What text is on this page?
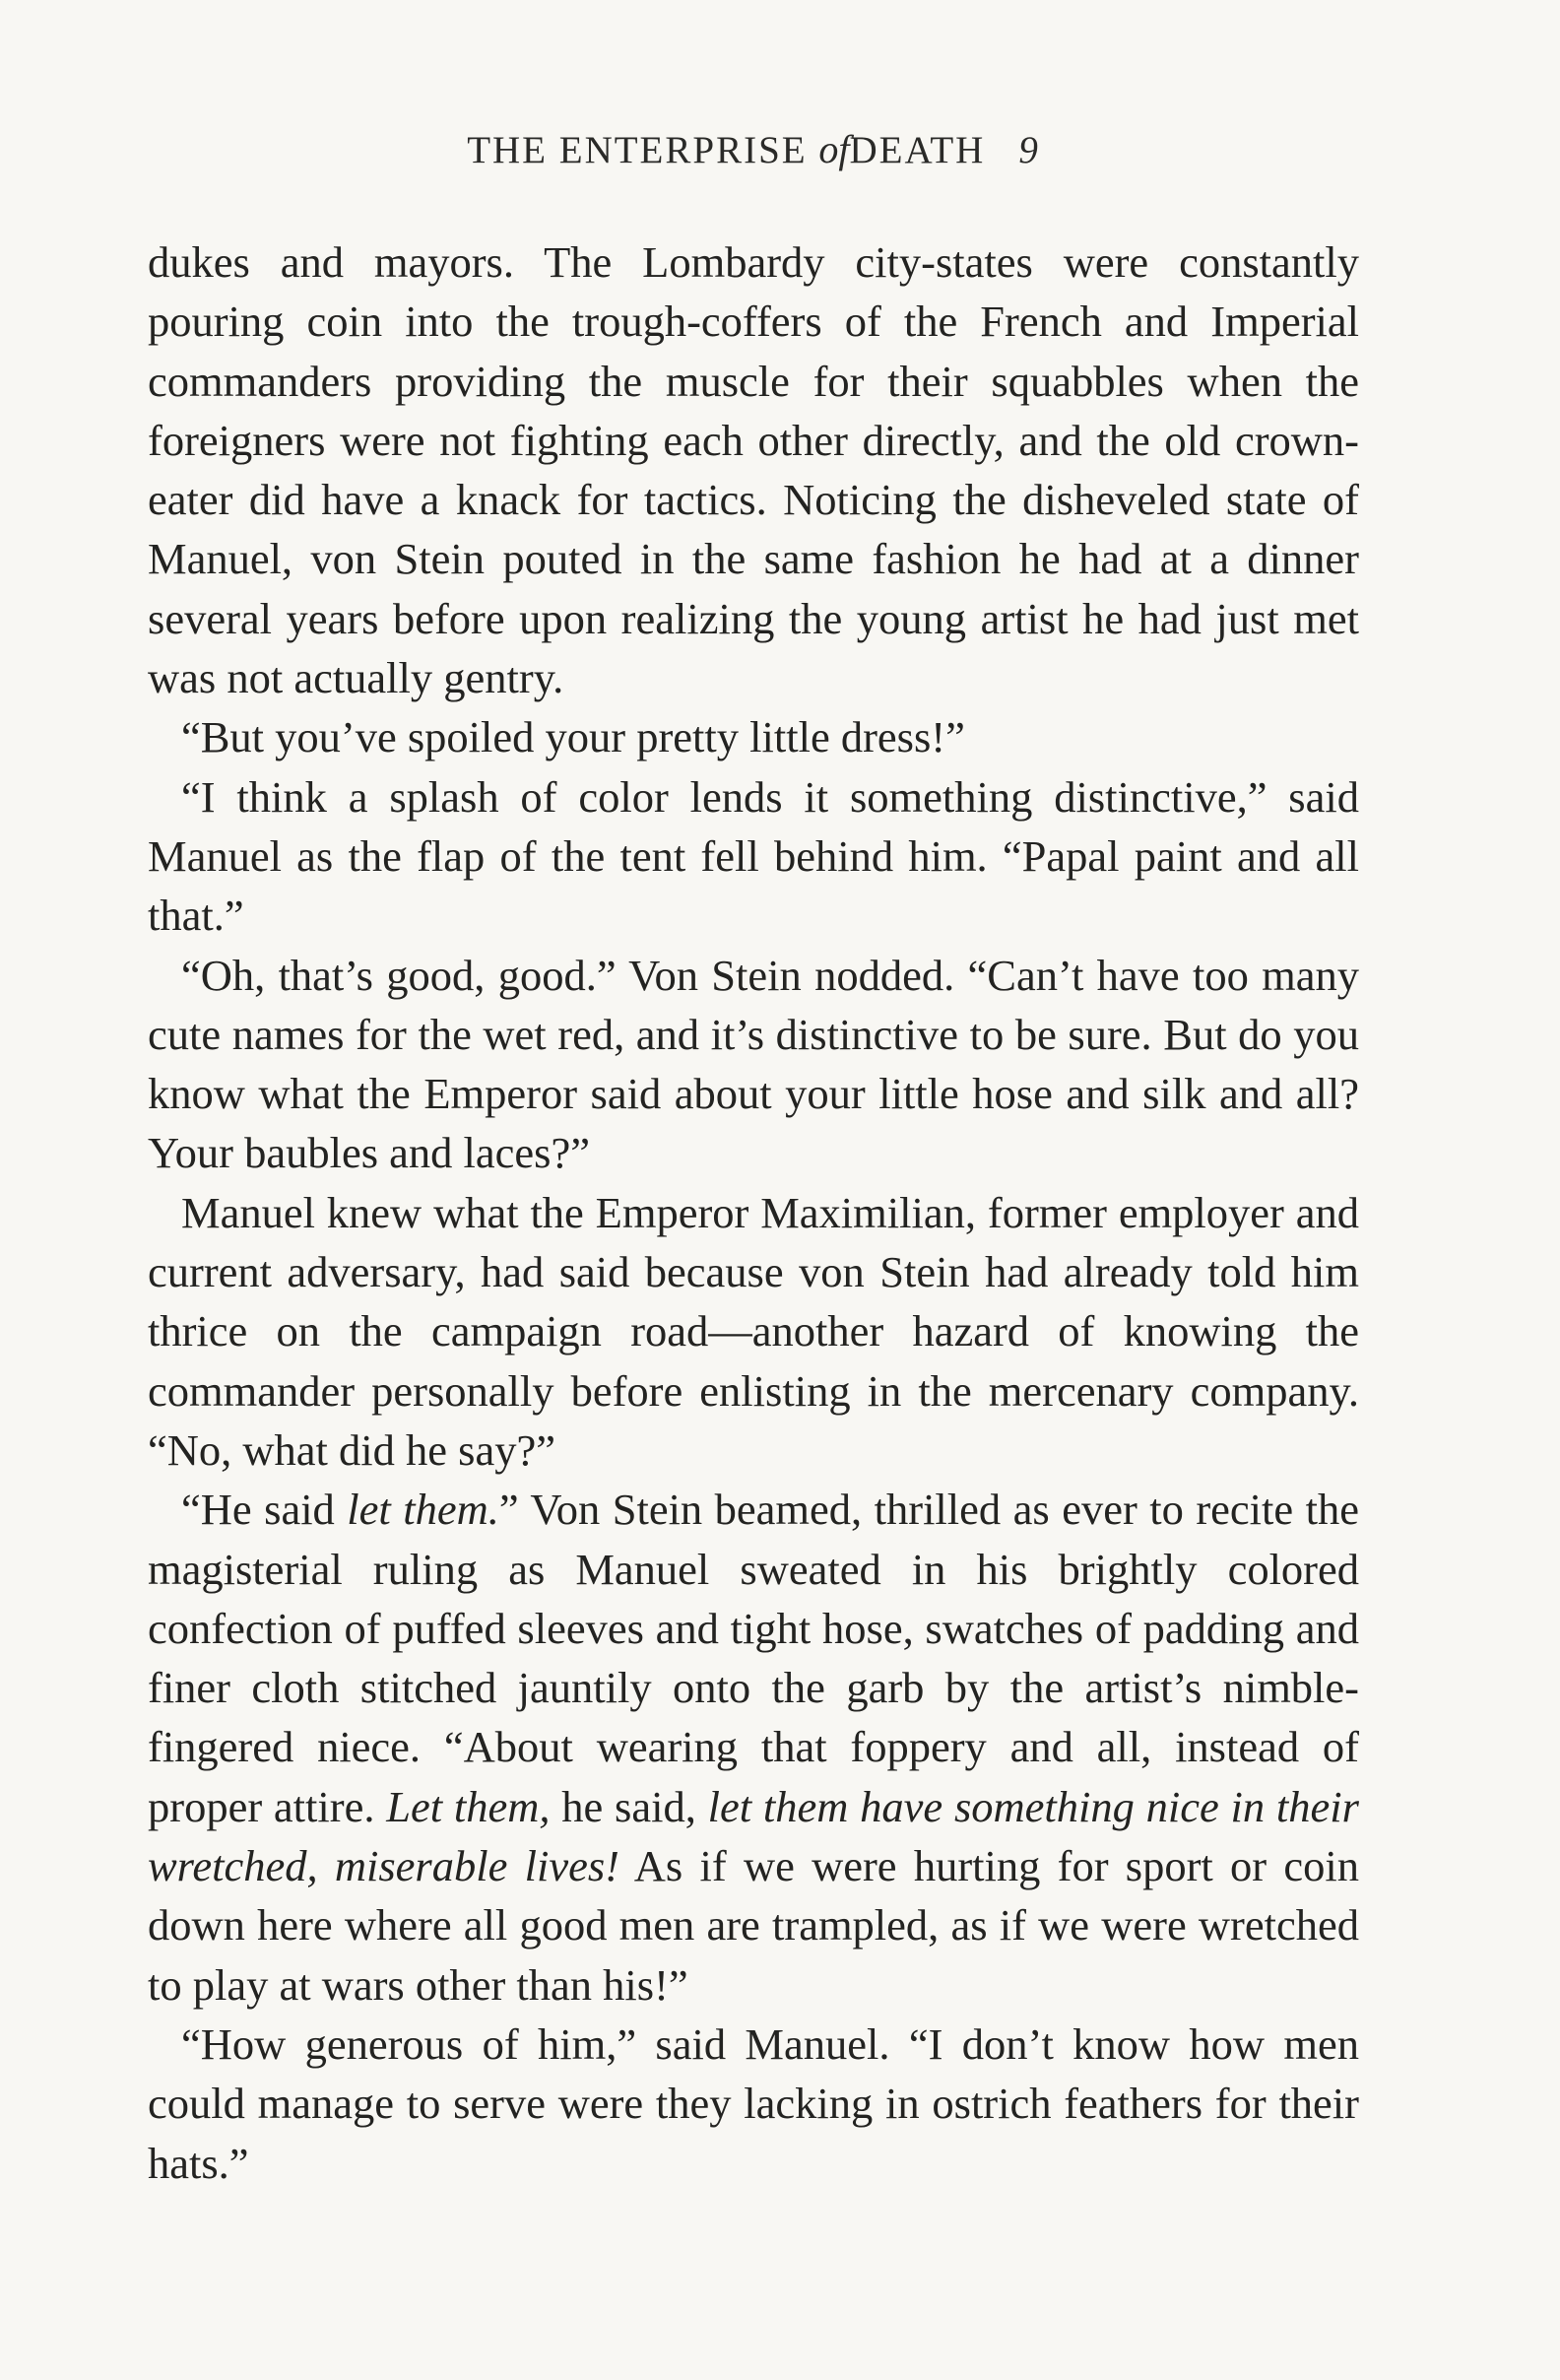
THE ENTERPRISE ofDEATH 9

dukes and mayors. The Lombardy city-states were constantly pouring coin into the trough-coffers of the French and Imperial commanders providing the muscle for their squabbles when the foreigners were not fighting each other directly, and the old crown-eater did have a knack for tactics. Noticing the disheveled state of Manuel, von Stein pouted in the same fashion he had at a dinner several years before upon realizing the young artist he had just met was not actually gentry.

“But you’ve spoiled your pretty little dress!”

“I think a splash of color lends it something distinctive,” said Manuel as the flap of the tent fell behind him. “Papal paint and all that.”

“Oh, that’s good, good.” Von Stein nodded. “Can’t have too many cute names for the wet red, and it’s distinctive to be sure. But do you know what the Emperor said about your little hose and silk and all? Your baubles and laces?”

Manuel knew what the Emperor Maximilian, former employer and current adversary, had said because von Stein had already told him thrice on the campaign road—another hazard of knowing the commander personally before enlisting in the mercenary company. “No, what did he say?”

“He said let them.” Von Stein beamed, thrilled as ever to recite the magisterial ruling as Manuel sweated in his brightly colored confection of puffed sleeves and tight hose, swatches of padding and finer cloth stitched jauntily onto the garb by the artist’s nimble-fingered niece. “About wearing that foppery and all, instead of proper attire. Let them, he said, let them have something nice in their wretched, miserable lives! As if we were hurting for sport or coin down here where all good men are trampled, as if we were wretched to play at wars other than his!”

“How generous of him,” said Manuel. “I don’t know how men could manage to serve were they lacking in ostrich feathers for their hats.”
